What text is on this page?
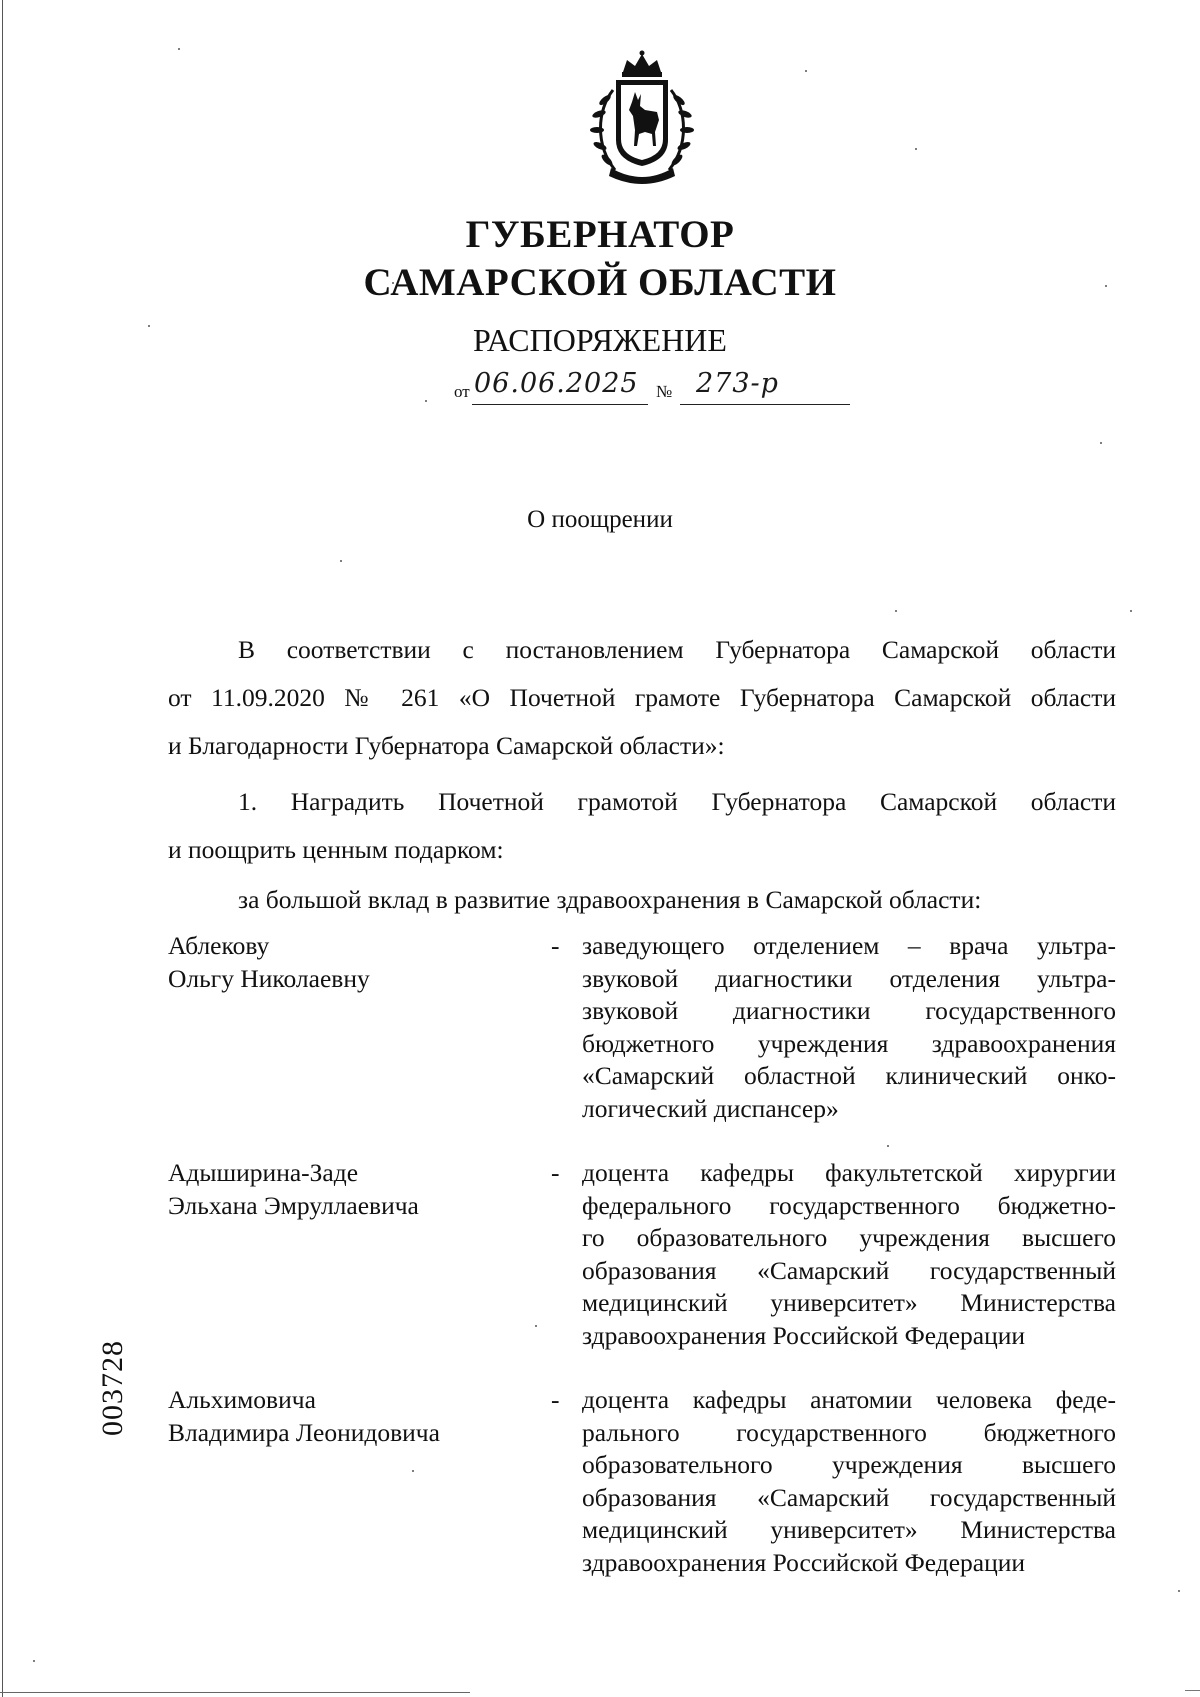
ГУБЕРНАТОР
САМАРСКОЙ ОБЛАСТИ
РАСПОРЯЖЕНИЕ
от 06.06.2025 № 273-р
О поощрении

В соответствии с постановлением Губернатора Самарской области

от 11.09.2020 № 261 «О Почетной грамоте Губернатора Самарской области

и Благодарности Губернатора Самарской области»:

1. Наградить Почетной грамотой Губернатора Самарской области

и поощрить ценным подарком:

за большой вклад в развитие здравоохранения в Самарской области:

Аблекову
Ольгу Николаевну
- заведующего отделением – врача ультра-
звуковой диагностики отделения ультра-
звуковой диагностики государственного
бюджетного учреждения здравоохранения
«Самарский областной клинический онко-
логический диспансер»
Адыширина-Заде
Эльхана Эмруллаевича
- доцента кафедры факультетской хирургии
федерального государственного бюджетно-
го образовательного учреждения высшего
образования «Самарский государственный
медицинский университет» Министерства
здравоохранения Российской Федерации
Альхимовича
Владимира Леонидовича
- доцента кафедры анатомии человека феде-
рального государственного бюджетного
образовательного учреждения высшего
образования «Самарский государственный
медицинский университет» Министерства
здравоохранения Российской Федерации
003728
